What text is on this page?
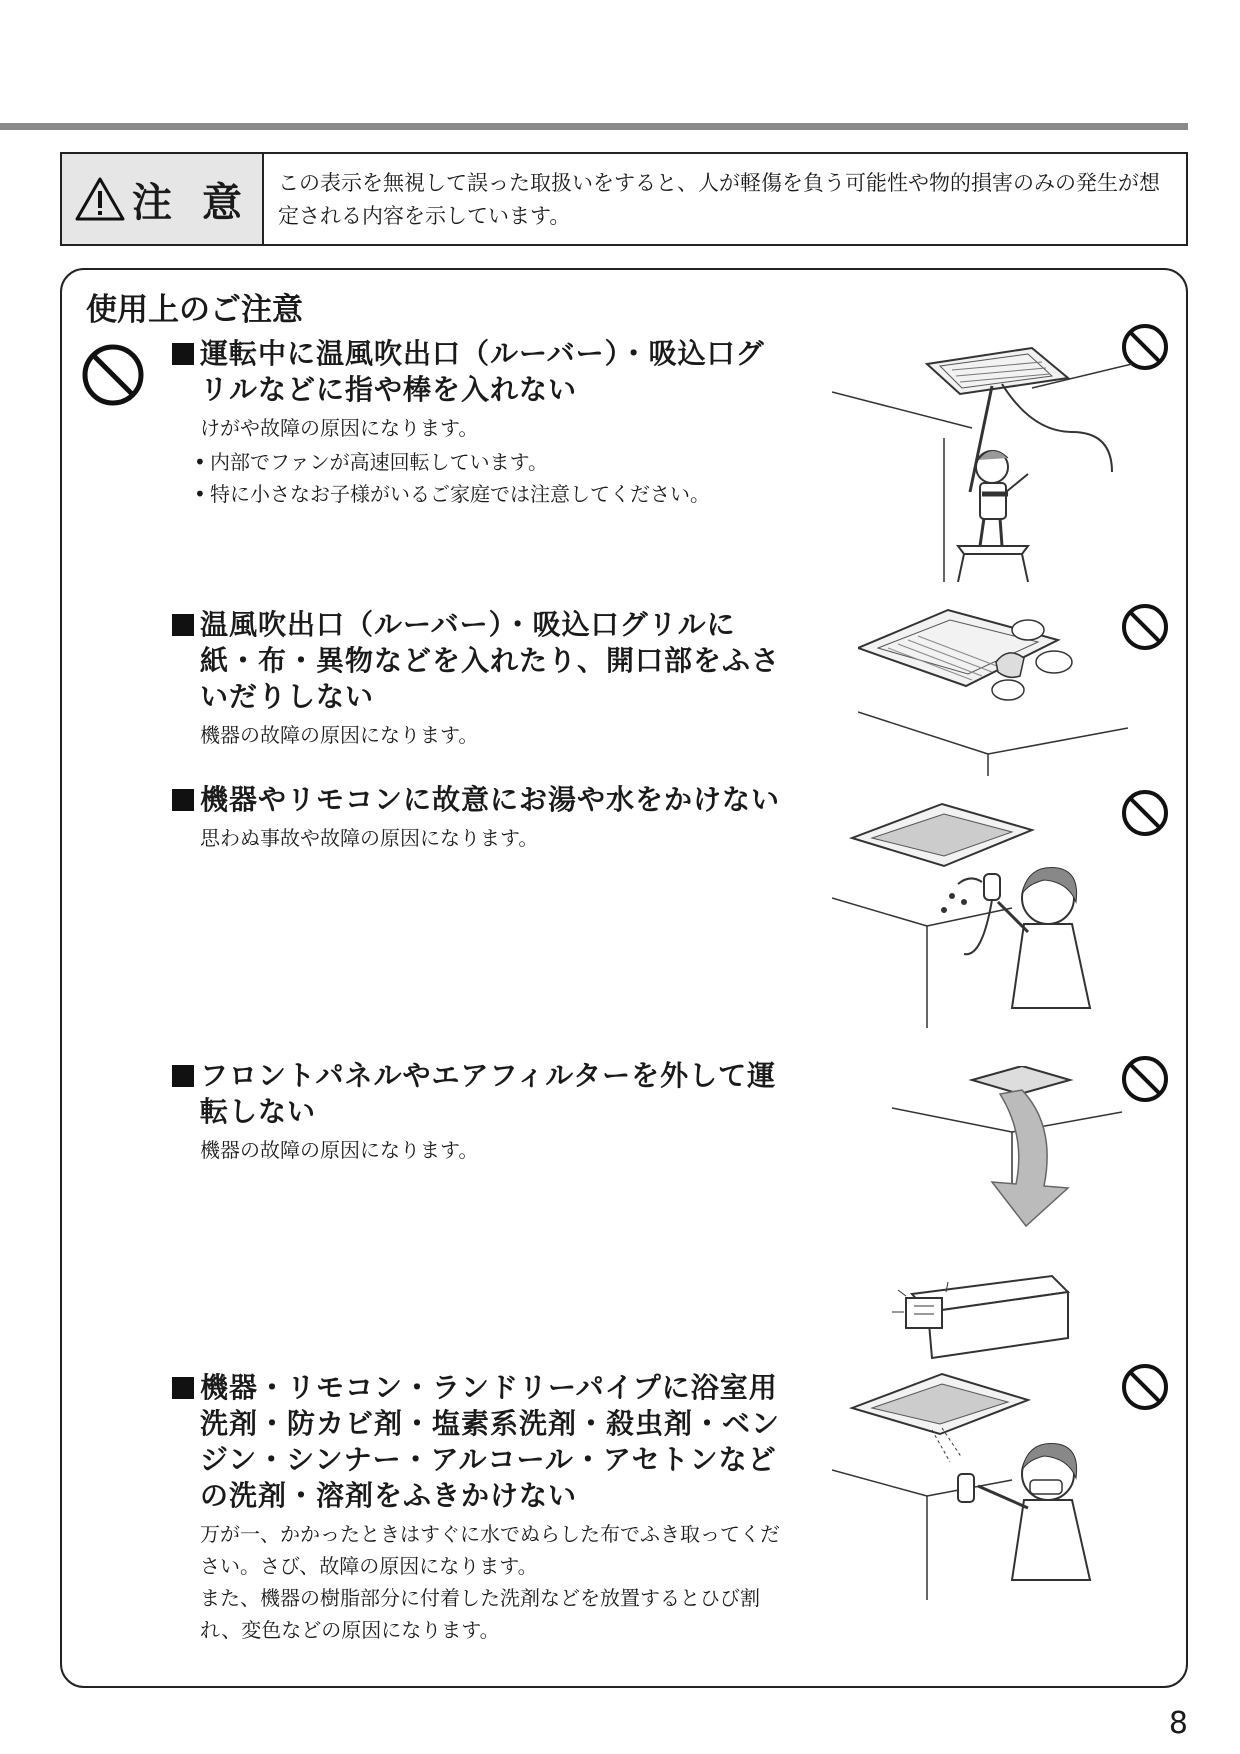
注 意	この表示を無視して誤った取扱いをすると、人が軽傷を負う可能性や物的損害のみの発生が想定される内容を示しています。
使用上のご注意
運転中に温風吹出口（ルーバー）・吸込口グリルなどに指や棒を入れない
けがや故障の原因になります。
• 内部でファンが高速回転しています。
• 特に小さなお子様がいるご家庭では注意してください。
温風吹出口（ルーバー）・吸込口グリルに紙・布・異物などを入れたり、開口部をふさいだりしない
機器の故障の原因になります。
機器やリモコンに故意にお湯や水をかけない
思わぬ事故や故障の原因になります。
フロントパネルやエアフィルターを外して運転しない
機器の故障の原因になります。
機器・リモコン・ランドリーパイプに浴室用洗剤・防カビ剤・塩素系洗剤・殺虫剤・ベンジン・シンナー・アルコール・アセトンなどの洗剤・溶剤をふきかけない
万が一、かかったときはすぐに水でぬらした布でふき取ってください。さび、故障の原因になります。
また、機器の樹脂部分に付着した洗剤などを放置するとひび割れ、変色などの原因になります。
8
